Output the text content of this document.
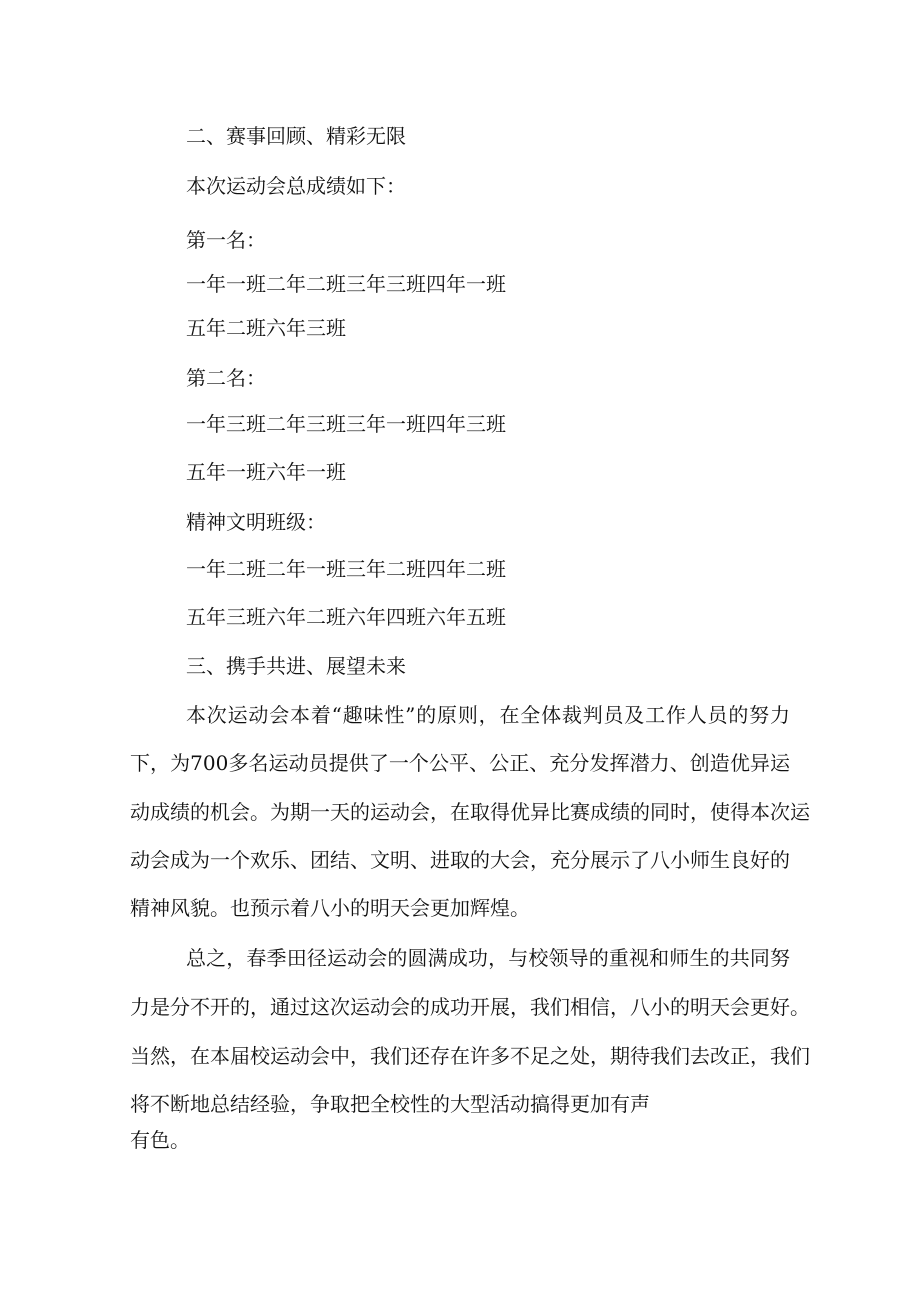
二、赛事回顾、精彩无限
本次运动会总成绩如下：
第一名：
一年一班二年二班三年三班四年一班
五年二班六年三班
第二名：
一年三班二年三班三年一班四年三班
五年一班六年一班
精神文明班级：
一年二班二年一班三年二班四年二班
五年三班六年二班六年四班六年五班
三、携手共进、展望未来
本次运动会本着“趣味性”的原则，在全体裁判员及工作人员的努力
下，为700多名运动员提供了一个公平、公正、充分发挥潜力、创造优异运
动成绩的机会。为期一天的运动会，在取得优异比赛成绩的同时，使得本次运
动会成为一个欢乐、团结、文明、进取的大会，充分展示了八小师生良好的
精神风貌。也预示着八小的明天会更加辉煌。
总之，春季田径运动会的圆满成功，与校领导的重视和师生的共同努
力是分不开的，通过这次运动会的成功开展，我们相信，八小的明天会更好。
当然，在本届校运动会中，我们还存在许多不足之处，期待我们去改正，我们
将不断地总结经验，争取把全校性的大型活动搞得更加有声
有色。
